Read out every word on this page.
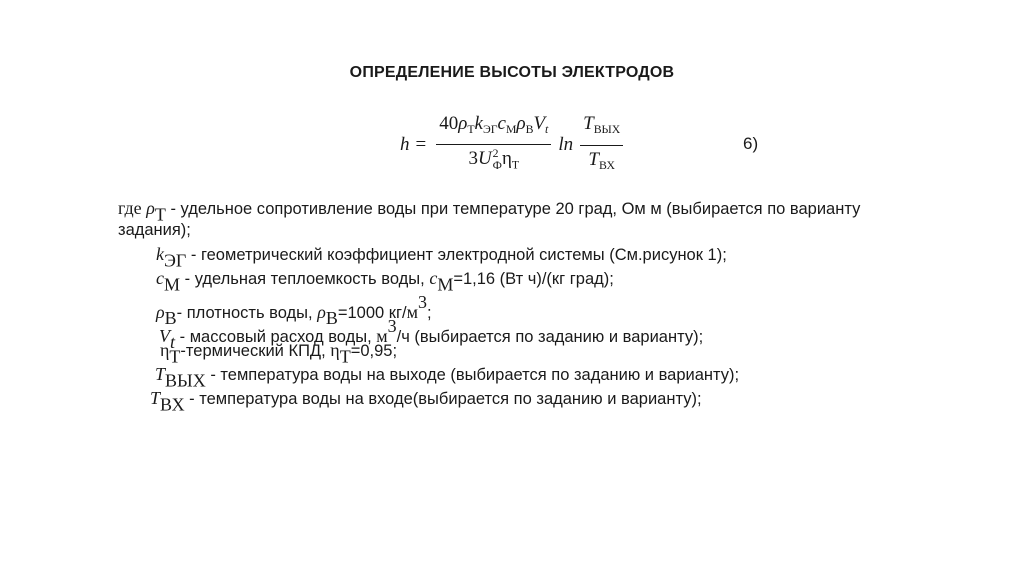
ОПРЕДЕЛЕНИЕ ВЫСОТЫ ЭЛЕКТРОДОВ
$h = 40\rho_Тk_{ЭГ}c_М\rho_ВV_t$
3U 2
Ф $\eta_Т$ $\ln \frac{T_{ВЫХ}}{T_{ВХ}}$	6)
где $\rho_Т$ - удельное сопротивление воды при температуре 20 град, Ом м (выбирается по варианту
задания);
$k_{ЭГ}$ - геометрический коэффициент электродной системы (См.рисунок 1);
$c_М$ - удельная теплоемкость воды, $c_М=1,16$ (Вт ч)/(кг град);
$\rho_В-$ плотность воды, $\rho_В=1000$ $кг/м^3$;
$V_t$ - массовый расход воды, $м^3/ч$ (выбирается по заданию и варианту);
$\eta_Т$-термический КПД, $\eta_Т=0,95$;
$T_{ВЫХ}$ - температура воды на выходе (выбирается по заданию и варианту);
$T_{ВХ}$ - температура воды на входе(выбирается по заданию и варианту);
